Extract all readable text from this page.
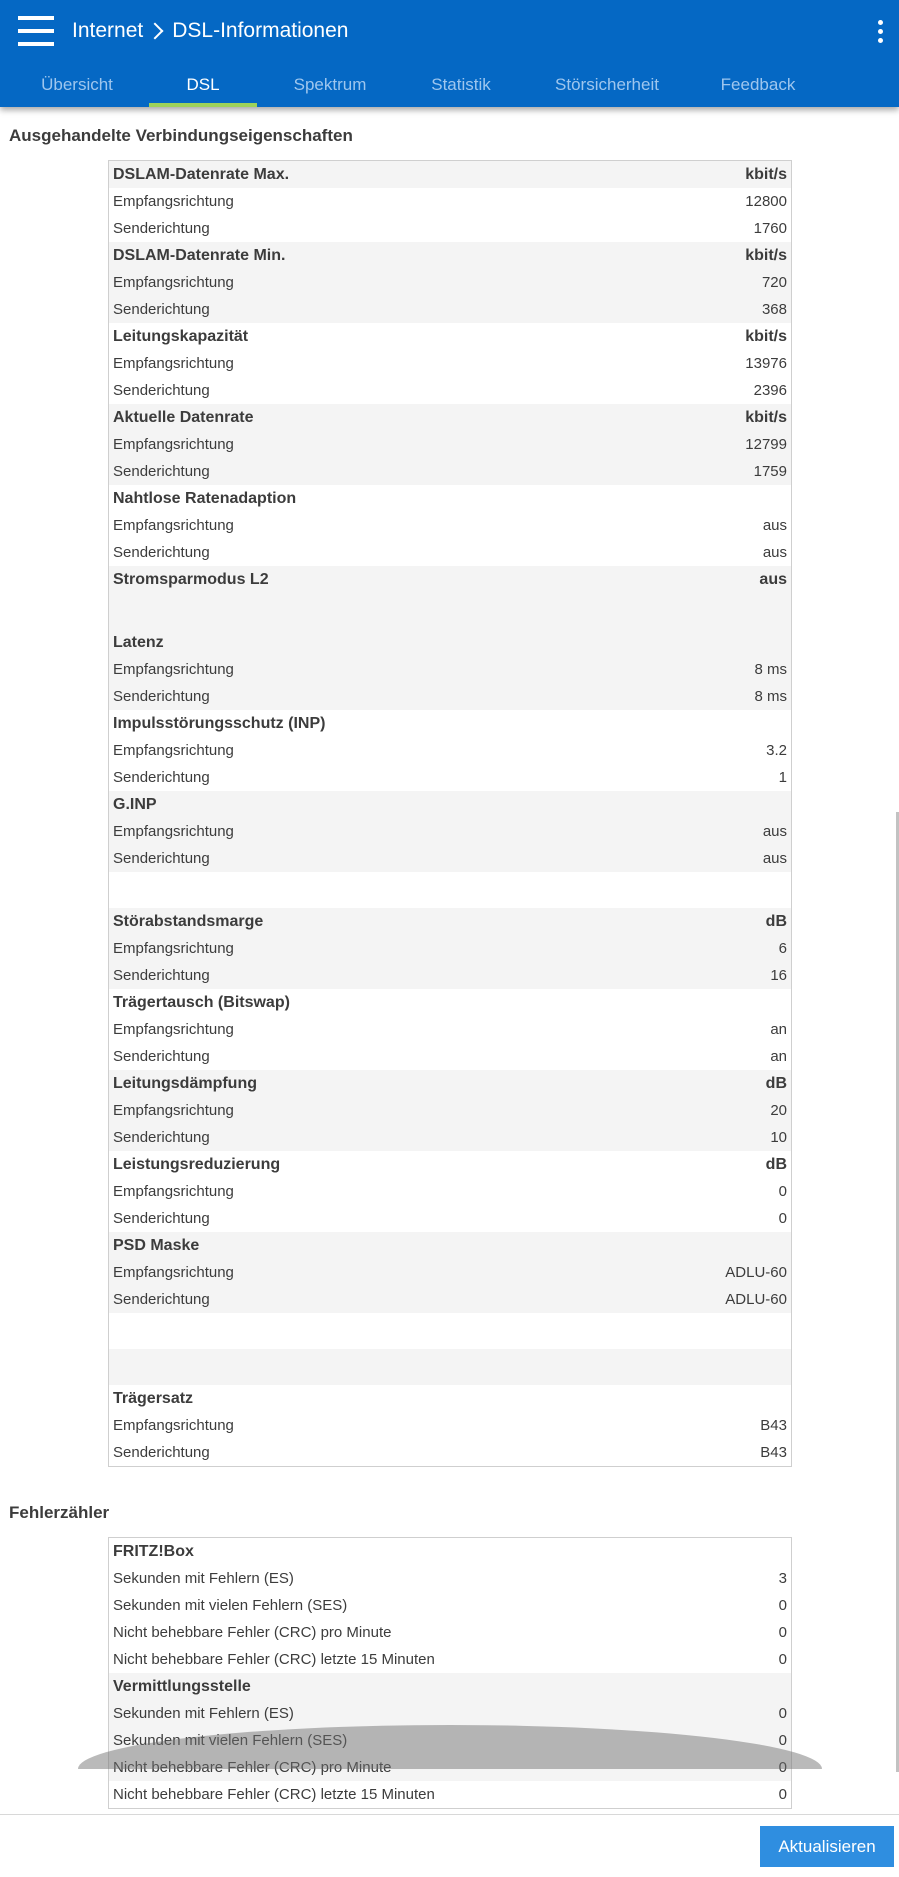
Internet DSL-Informationen
Übersicht	DSL	Spektrum	Statistik	Störsicherheit	Feedback
Ausgehandelte Verbindungseigenschaften
DSLAM-Datenrate Max.	kbit/s
Empfangsrichtung	12800
Senderichtung	1760
DSLAM-Datenrate Min.	kbit/s
Empfangsrichtung	720
Senderichtung	368
Leitungskapazität	kbit/s
Empfangsrichtung	13976
Senderichtung	2396
Aktuelle Datenrate	kbit/s
Empfangsrichtung	12799
Senderichtung	1759
Nahtlose Ratenadaption	
Empfangsrichtung	aus
Senderichtung	aus
Stromsparmodus L2	aus

Latenz	
Empfangsrichtung	8 ms
Senderichtung	8 ms
Impulsstörungsschutz (INP)	
Empfangsrichtung	3.2
Senderichtung	1
G.INP	
Empfangsrichtung	aus
Senderichtung	aus

Störabstandsmarge	dB
Empfangsrichtung	6
Senderichtung	16
Trägertausch (Bitswap)	
Empfangsrichtung	an
Senderichtung	an
Leitungsdämpfung	dB
Empfangsrichtung	20
Senderichtung	10
Leistungsreduzierung	dB
Empfangsrichtung	0
Senderichtung	0
PSD Maske	
Empfangsrichtung	ADLU-60
Senderichtung	ADLU-60

Trägersatz	
Empfangsrichtung	B43
Senderichtung	B43
Fehlerzähler
FRITZ!Box	
Sekunden mit Fehlern (ES)	3
Sekunden mit vielen Fehlern (SES)	0
Nicht behebbare Fehler (CRC) pro Minute	0
Nicht behebbare Fehler (CRC) letzte 15 Minuten	0
Vermittlungsstelle	
Sekunden mit Fehlern (ES)	0
Sekunden mit vielen Fehlern (SES)	0
Nicht behebbare Fehler (CRC) pro Minute	0
Nicht behebbare Fehler (CRC) letzte 15 Minuten	0
Aktualisieren
